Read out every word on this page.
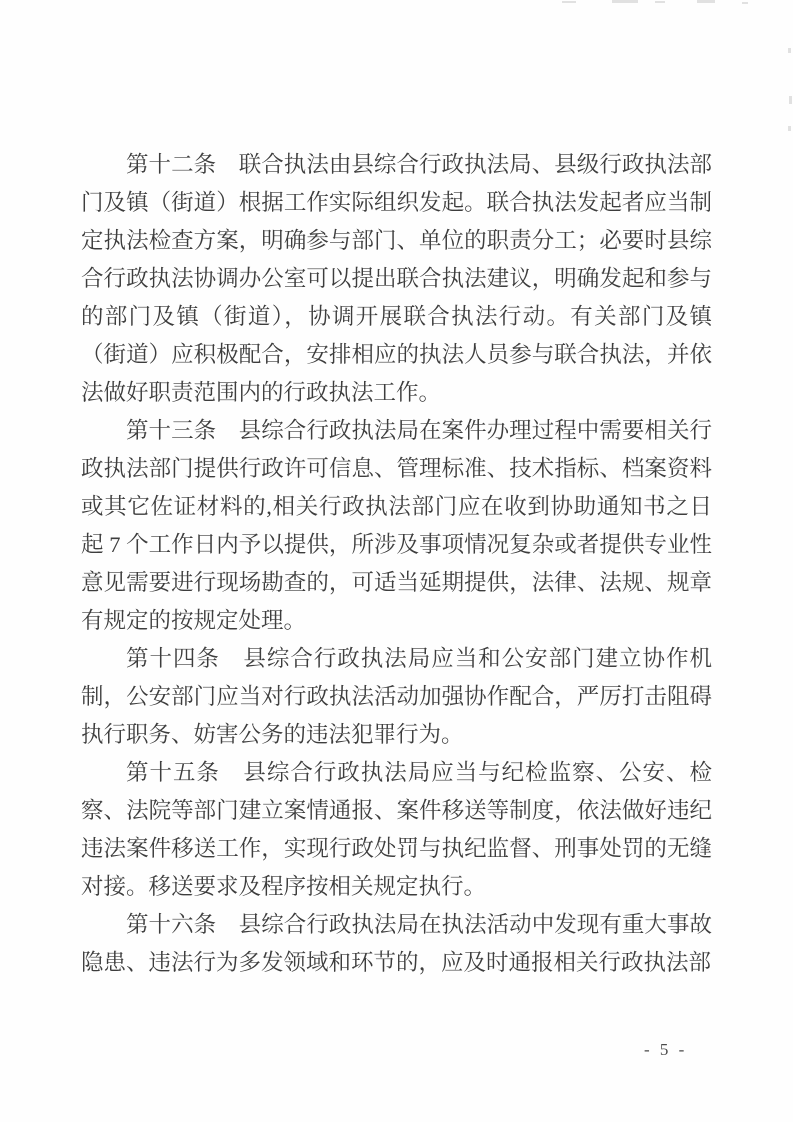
第十二条　联合执法由县综合行政执法局、县级行政执法部门及镇（街道）根据工作实际组织发起。联合执法发起者应当制定执法检查方案，明确参与部门、单位的职责分工；必要时县综合行政执法协调办公室可以提出联合执法建议，明确发起和参与的部门及镇（街道），协调开展联合执法行动。有关部门及镇（街道）应积极配合，安排相应的执法人员参与联合执法，并依法做好职责范围内的行政执法工作。

第十三条　县综合行政执法局在案件办理过程中需要相关行政执法部门提供行政许可信息、管理标准、技术指标、档案资料或其它佐证材料的,相关行政执法部门应在收到协助通知书之日起 7 个工作日内予以提供，所涉及事项情况复杂或者提供专业性意见需要进行现场勘查的，可适当延期提供，法律、法规、规章有规定的按规定处理。

第十四条　县综合行政执法局应当和公安部门建立协作机制，公安部门应当对行政执法活动加强协作配合，严厉打击阻碍执行职务、妨害公务的违法犯罪行为。

第十五条　县综合行政执法局应当与纪检监察、公安、检察、法院等部门建立案情通报、案件移送等制度，依法做好违纪违法案件移送工作，实现行政处罚与执纪监督、刑事处罚的无缝对接。移送要求及程序按相关规定执行。

第十六条　县综合行政执法局在执法活动中发现有重大事故隐患、违法行为多发领域和环节的，应及时通报相关行政执法部

- 5 -
